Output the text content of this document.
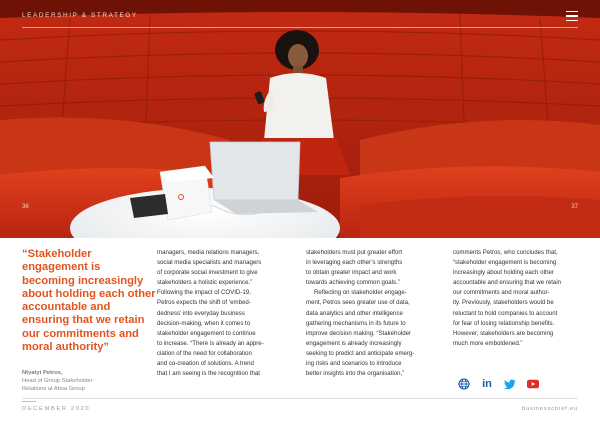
LEADERSHIP & STRATEGY
36	37
“Stakeholder
engagement is
becoming increasingly
about holding each other
accountable and
ensuring that we retain
our commitments and
moral authority”
Ntyatyi Petros,
Head of Group Stakeholder
Relations at Absa Group
managers, media relations managers,
social media specialists and managers
of corporate social investment to give
stakeholders a holistic experience.”
Following the impact of COVID-19,
Petros expects the shift of ‘embed-
dedness’ into everyday business
decision-making, when it comes to
stakeholder engagement to continue
to increase. “There is already an appre-
ciation of the need for collaboration
and co-creation of solutions. A trend
that I am seeing is the recognition that
stakeholders must put greater effort
in leveraging each other’s strengths
to obtain greater impact and work
towards achieving common goals.”
Reflecting on stakeholder engage-
ment, Petros sees greater use of data,
data analytics and other intelligence
gathering mechanisms in its future to
improve decision making. “Stakeholder
engagement is already increasingly
seeking to predict and anticipate emerg-
ing risks and scenarios to introduce
better insights into the organisation,”
comments Petros, who concludes that,
“stakeholder engagement is becoming
increasingly about holding each other
accountable and ensuring that we retain
our commitments and moral author-
ity. Previously, stakeholders would be
reluctant to hold companies to account
for fear of losing relationship benefits.
However, stakeholders are becoming
much more emboldened.”
in
DECEMBER 2020	businesschief.eu
